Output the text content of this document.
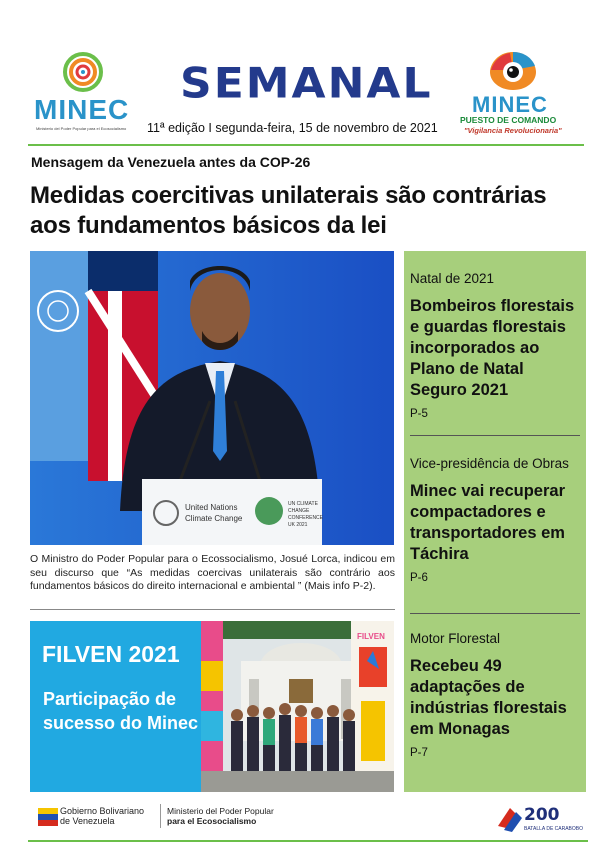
MINEC
Ministerio del Poder Popular para el Ecosocialismo
SEMANAL
11ª edição I segunda-feira, 15 de novembro de 2021
MINEC
PUESTO DE COMANDO
"Vigilancia Revolucionaria"
Mensagem da Venezuela antes da COP-26
Medidas coercitivas unilaterais são contrárias aos fundamentos básicos da lei
United Nations
Climate Change
UN CLIMATE
CHANGE
CONFERENCE
UK 2021
O Ministro do Poder Popular para o Ecossocialismo, Josué Lorca, indicou em seu discurso que “As medidas coercivas unilaterais são contrário aos fundamentos básicos do direito internacional e ambiental ” (Mais info P-2).
FILVEN 2021
Participação de sucesso do Minec
FILVEN
Natal de 2021
Bombeiros florestais e guardas florestais incorporados ao Plano de Natal Seguro 2021
P-5
Vice-presidência de Obras
Minec vai recuperar compactadores e transportadores em Táchira
P-6
Motor Florestal
Recebeu 49 adaptações de indústrias florestais em Monagas
P-7
Gobierno Bolivariano
de Venezuela
Ministerio del Poder Popular
para el Ecosocialismo	200
BATALLA DE CARABOBO
